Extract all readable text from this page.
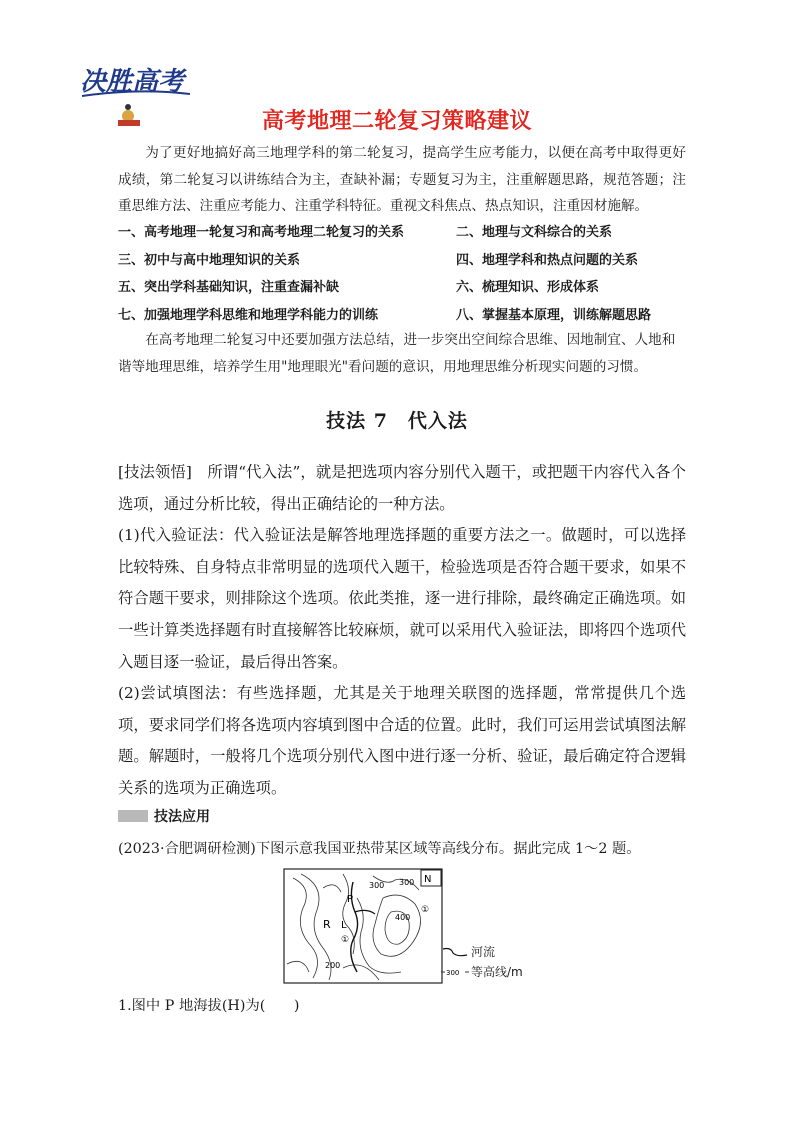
决胜高考
高考地理二轮复习策略建议

为了更好地搞好高三地理学科的第二轮复习，提高学生应考能力，以便在高考中取得更好成绩，第二轮复习以讲练结合为主，查缺补漏；专题复习为主，注重解题思路，规范答题；注重思维方法、注重应考能力、注重学科特征。重视文科焦点、热点知识，注重因材施解。

一、高考地理一轮复习和高考地理二轮复习的关系	二、地理与文科综合的关系
三、初中与高中地理知识的关系	四、地理学科和热点问题的关系
五、突出学科基础知识，注重查漏补缺	六、梳理知识、形成体系
七、加强地理学科思维和地理学科能力的训练	八、掌握基本原理，训练解题思路

在高考地理二轮复习中还要加强方法总结，进一步突出空间综合思维、因地制宜、人地和谐等地理思维，培养学生用"地理眼光"看问题的意识，用地理思维分析现实问题的习惯。

技法 7　代入法

[技法领悟]　 所谓“代入法”，就是把选项内容分别代入题干，或把题干内容代入各个选项，通过分析比较，得出正确结论的一种方法。

(1)代入验证法：代入验证法是解答地理选择题的重要方法之一。做题时，可以选择比较特殊、自身特点非常明显的选项代入题干，检验选项是否符合题干要求，如果不符合题干要求，则排除这个选项。依此类推，逐一进行排除，最终确定正确选项。如一些计算类选择题有时直接解答比较麻烦，就可以采用代入验证法，即将四个选项代入题目逐一验证，最后得出答案。

(2)尝试填图法：有些选择题，尤其是关于地理关联图的选择题，常常提供几个选项，要求同学们将各选项内容填到图中合适的位置。此时，我们可运用尝试填图法解题。解题时，一般将几个选项分别代入图中进行逐一分析、验证，最后确定符合逻辑关系的选项为正确选项。

技法应用
(2023·合肥调研检测)下图示意我国亚热带某区域等高线分布。据此完成 1～2 题。
N
300 300
400
200
P
R L
①
①
河流
300 等高线/m
1.图中 P 地海拔(H)为(　　)
